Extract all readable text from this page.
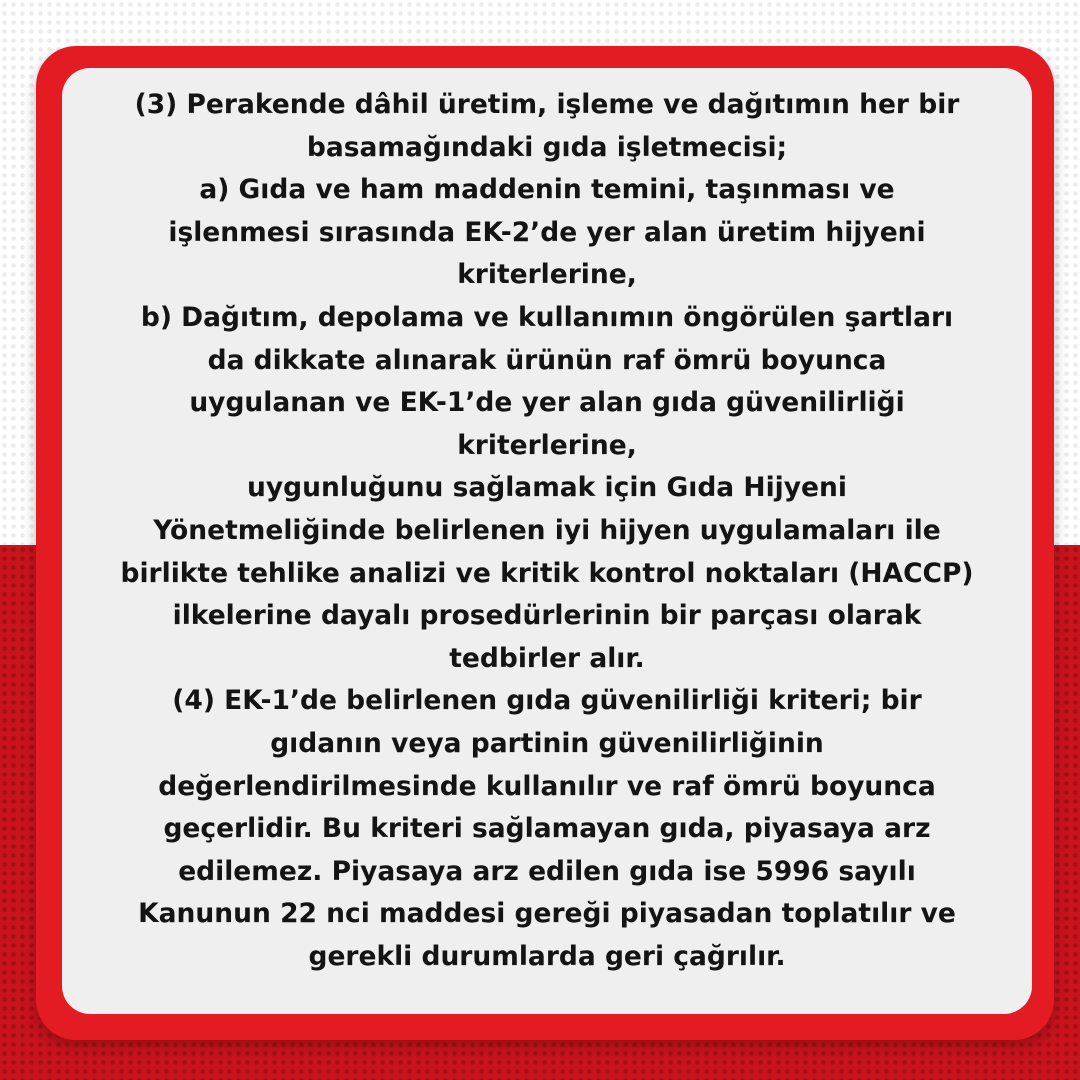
(3) Perakende dâhil üretim, işleme ve dağıtımın her bir
basamağındaki gıda işletmecisi;
a) Gıda ve ham maddenin temini, taşınması ve
işlenmesi sırasında EK-2’de yer alan üretim hijyeni
kriterlerine,
b) Dağıtım, depolama ve kullanımın öngörülen şartları
da dikkate alınarak ürünün raf ömrü boyunca
uygulanan ve EK-1’de yer alan gıda güvenilirliği
kriterlerine,
uygunluğunu sağlamak için Gıda Hijyeni
Yönetmeliğinde belirlenen iyi hijyen uygulamaları ile
birlikte tehlike analizi ve kritik kontrol noktaları (HACCP)
ilkelerine dayalı prosedürlerinin bir parçası olarak
tedbirler alır.
(4) EK-1’de belirlenen gıda güvenilirliği kriteri; bir
gıdanın veya partinin güvenilirliğinin
değerlendirilmesinde kullanılır ve raf ömrü boyunca
geçerlidir. Bu kriteri sağlamayan gıda, piyasaya arz
edilemez. Piyasaya arz edilen gıda ise 5996 sayılı
Kanunun 22 nci maddesi gereği piyasadan toplatılır ve
gerekli durumlarda geri çağrılır.
